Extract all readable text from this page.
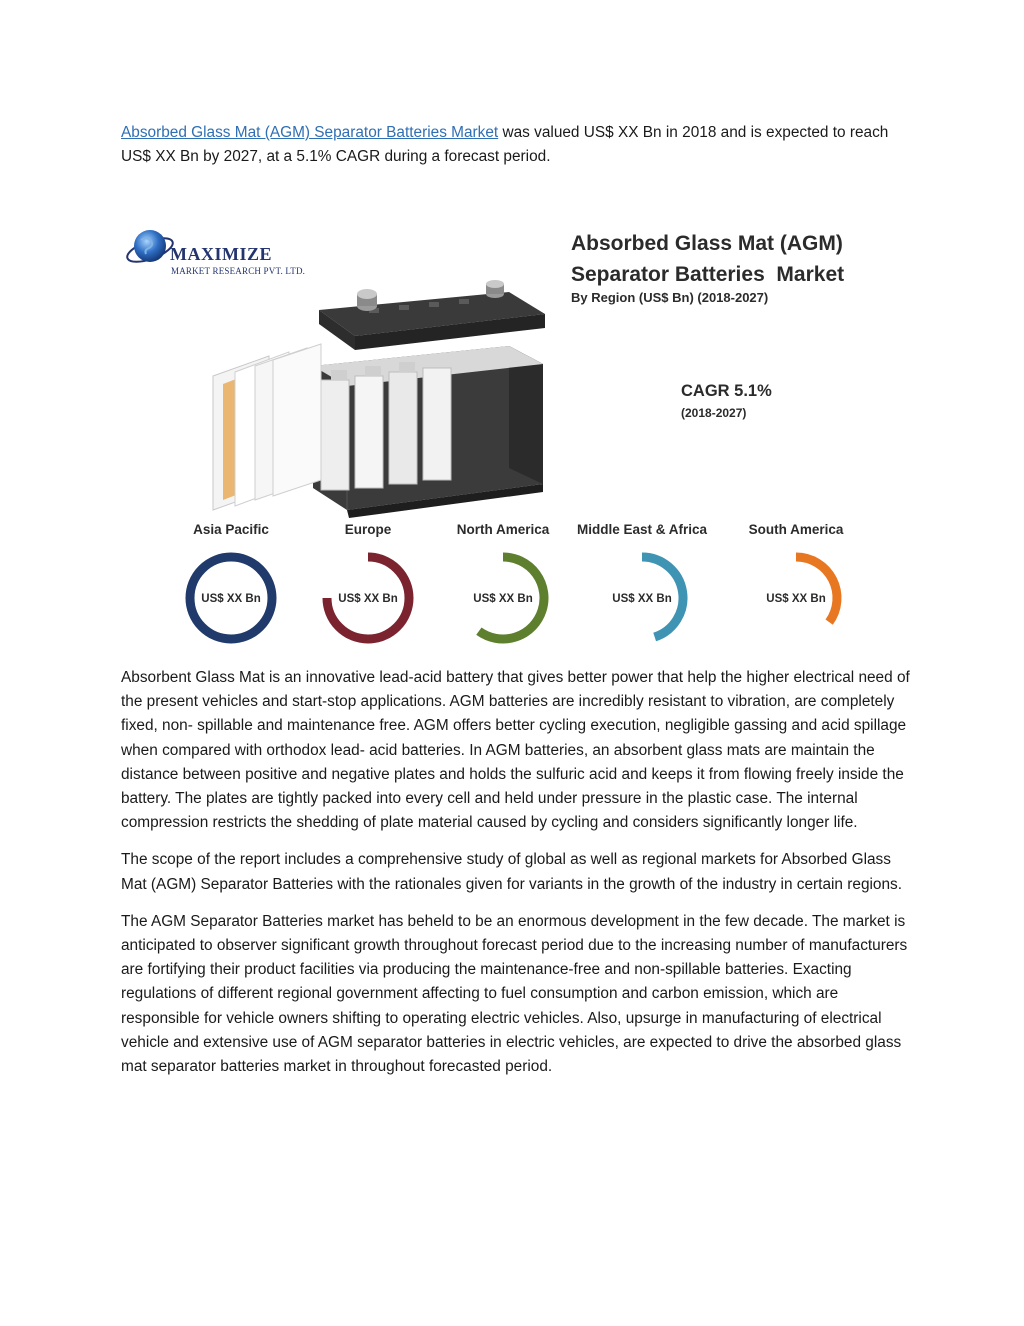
Absorbed Glass Mat (AGM) Separator Batteries Market was valued US$ XX Bn in 2018 and is expected to reach US$ XX Bn by 2027, at a 5.1% CAGR during a forecast period.

MAXIMIZE
MARKET RESEARCH PVT. LTD.
Absorbed Glass Mat (AGM)
Separator Batteries  Market
By Region (US$ Bn) (2018-2027)
CAGR 5.1%
(2018-2027)
Asia Pacific
US$ XX Bn
Europe
US$ XX Bn
North America
US$ XX Bn
Middle East & Africa
US$ XX Bn
South America
US$ XX Bn

Absorbent Glass Mat is an innovative lead-acid battery that gives better power that help the higher electrical need of the present vehicles and start-stop applications. AGM batteries are incredibly resistant to vibration, are completely fixed, non- spillable and maintenance free. AGM offers better cycling execution, negligible gassing and acid spillage when compared with orthodox lead- acid batteries. In AGM batteries, an absorbent glass mats are maintain the distance between positive and negative plates and holds the sulfuric acid and keeps it from flowing freely inside the battery. The plates are tightly packed into every cell and held under pressure in the plastic case. The internal compression restricts the shedding of plate material caused by cycling and considers significantly longer life.

The scope of the report includes a comprehensive study of global as well as regional markets for Absorbed Glass Mat (AGM) Separator Batteries with the rationales given for variants in the growth of the industry in certain regions.

The AGM Separator Batteries market has beheld to be an enormous development in the few decade. The market is anticipated to observer significant growth throughout forecast period due to the increasing number of manufacturers are fortifying their product facilities via producing the maintenance-free and non-spillable batteries. Exacting regulations of different regional government affecting to fuel consumption and carbon emission, which are responsible for vehicle owners shifting to operating electric vehicles. Also, upsurge in manufacturing of electrical vehicle and extensive use of AGM separator batteries in electric vehicles, are expected to drive the absorbed glass mat separator batteries market in throughout forecasted period.
